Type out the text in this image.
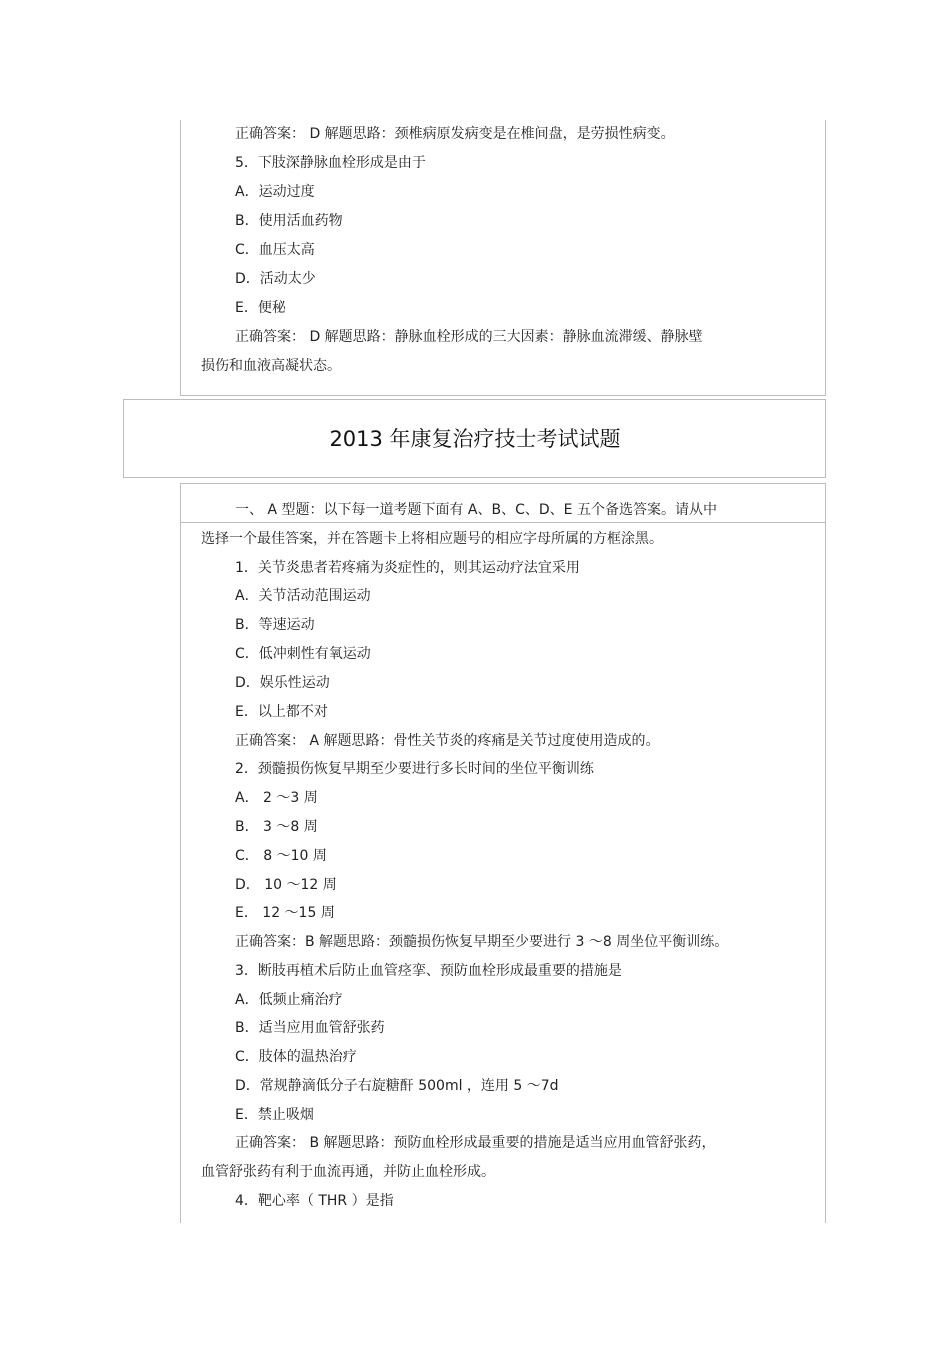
正确答案： D 解题思路：颈椎病原发病变是在椎间盘，是劳损性病变。
5．下肢深静脉血栓形成是由于
A．运动过度
B．使用活血药物
C．血压太高
D．活动太少
E．便秘
正确答案： D 解题思路：静脉血栓形成的三大因素：静脉血流滞缓、静脉壁
损伤和血液高凝状态。
2013 年康复治疗技士考试试题
一、 A 型题：以下每一道考题下面有 A、B、C、D、E 五个备选答案。请从中
选择一个最佳答案，并在答题卡上将相应题号的相应字母所属的方框涂黑。
1．关节炎患者若疼痛为炎症性的，则其运动疗法宜采用
A．关节活动范围运动
B．等速运动
C．低冲刺性有氧运动
D．娱乐性运动
E．以上都不对
正确答案： A 解题思路：骨性关节炎的疼痛是关节过度使用造成的。
2．颈髓损伤恢复早期至少要进行多长时间的坐位平衡训练
A． 2 ～3 周
B． 3 ～8 周
C． 8 ～10 周
D． 10 ～12 周
E． 12 ～15 周
正确答案：B 解题思路：颈髓损伤恢复早期至少要进行 3 ～8 周坐位平衡训练。
3．断肢再植术后防止血管痉挛、预防血栓形成最重要的措施是
A．低频止痛治疗
B．适当应用血管舒张药
C．肢体的温热治疗
D．常规静滴低分子右旋糖酐 500ml ，连用 5 ～7d
E．禁止吸烟
正确答案： B 解题思路：预防血栓形成最重要的措施是适当应用血管舒张药，
血管舒张药有利于血流再通，并防止血栓形成。
4．靶心率（ THR ）是指
